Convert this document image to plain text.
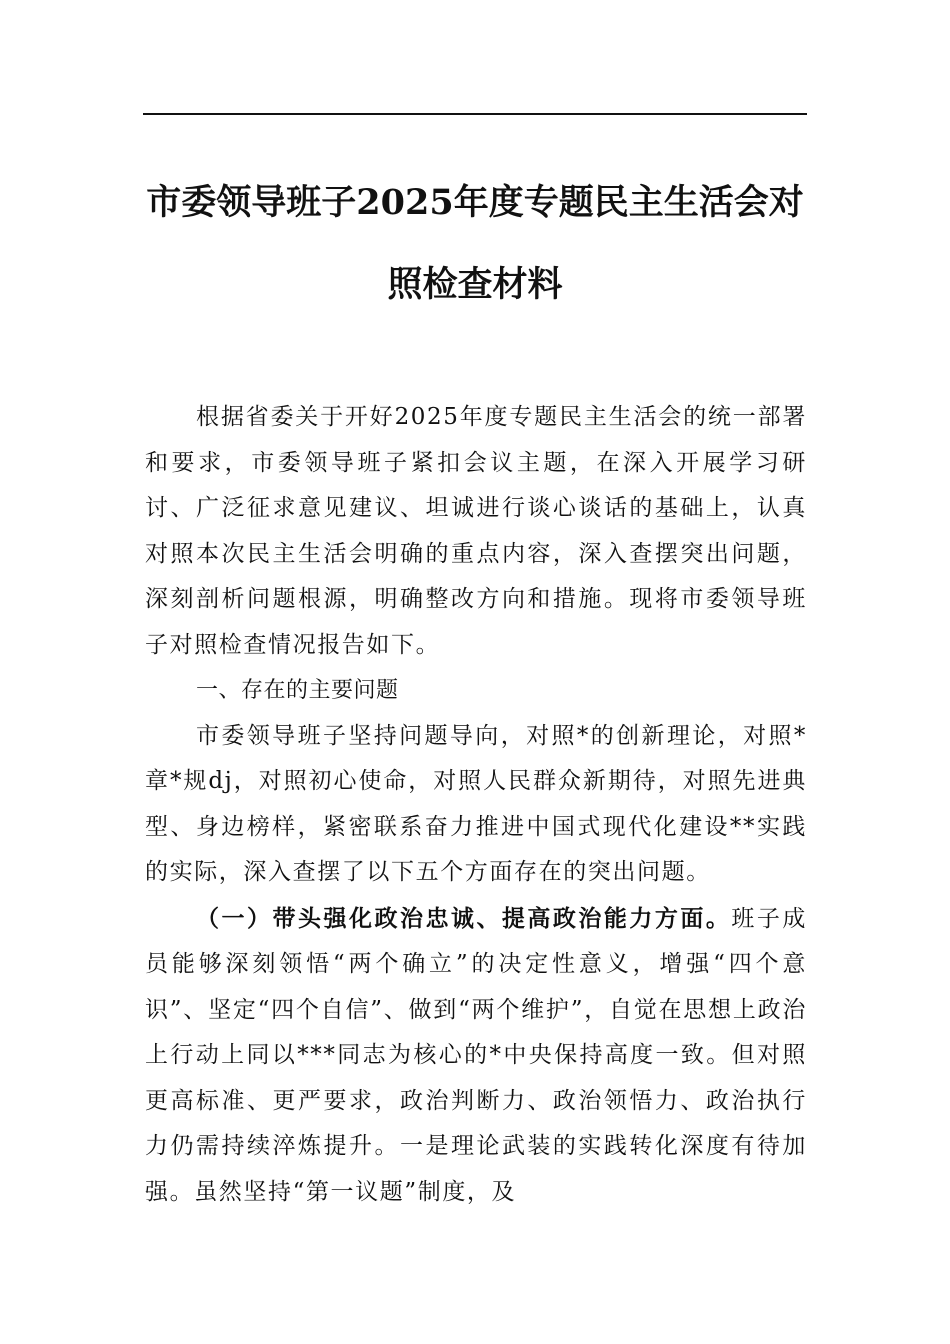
市委领导班子2025年度专题民主生活会对照检查材料

根据省委关于开好2025年度专题民主生活会的统一部署和要求，市委领导班子紧扣会议主题，在深入开展学习研讨、广泛征求意见建议、坦诚进行谈心谈话的基础上，认真对照本次民主生活会明确的重点内容，深入查摆突出问题，深刻剖析问题根源，明确整改方向和措施。现将市委领导班子对照检查情况报告如下。

一、存在的主要问题

市委领导班子坚持问题导向，对照*的创新理论，对照*章*规dj，对照初心使命，对照人民群众新期待，对照先进典型、身边榜样，紧密联系奋力推进中国式现代化建设**实践的实际，深入查摆了以下五个方面存在的突出问题。

（一）带头强化政治忠诚、提高政治能力方面。班子成员能够深刻领悟“两个确立”的决定性意义，增强“四个意识”、坚定“四个自信”、做到“两个维护”，自觉在思想上政治上行动上同以***同志为核心的*中央保持高度一致。但对照更高标准、更严要求，政治判断力、政治领悟力、政治执行力仍需持续淬炼提升。一是理论武装的实践转化深度有待加强。虽然坚持“第一议题”制度，及
